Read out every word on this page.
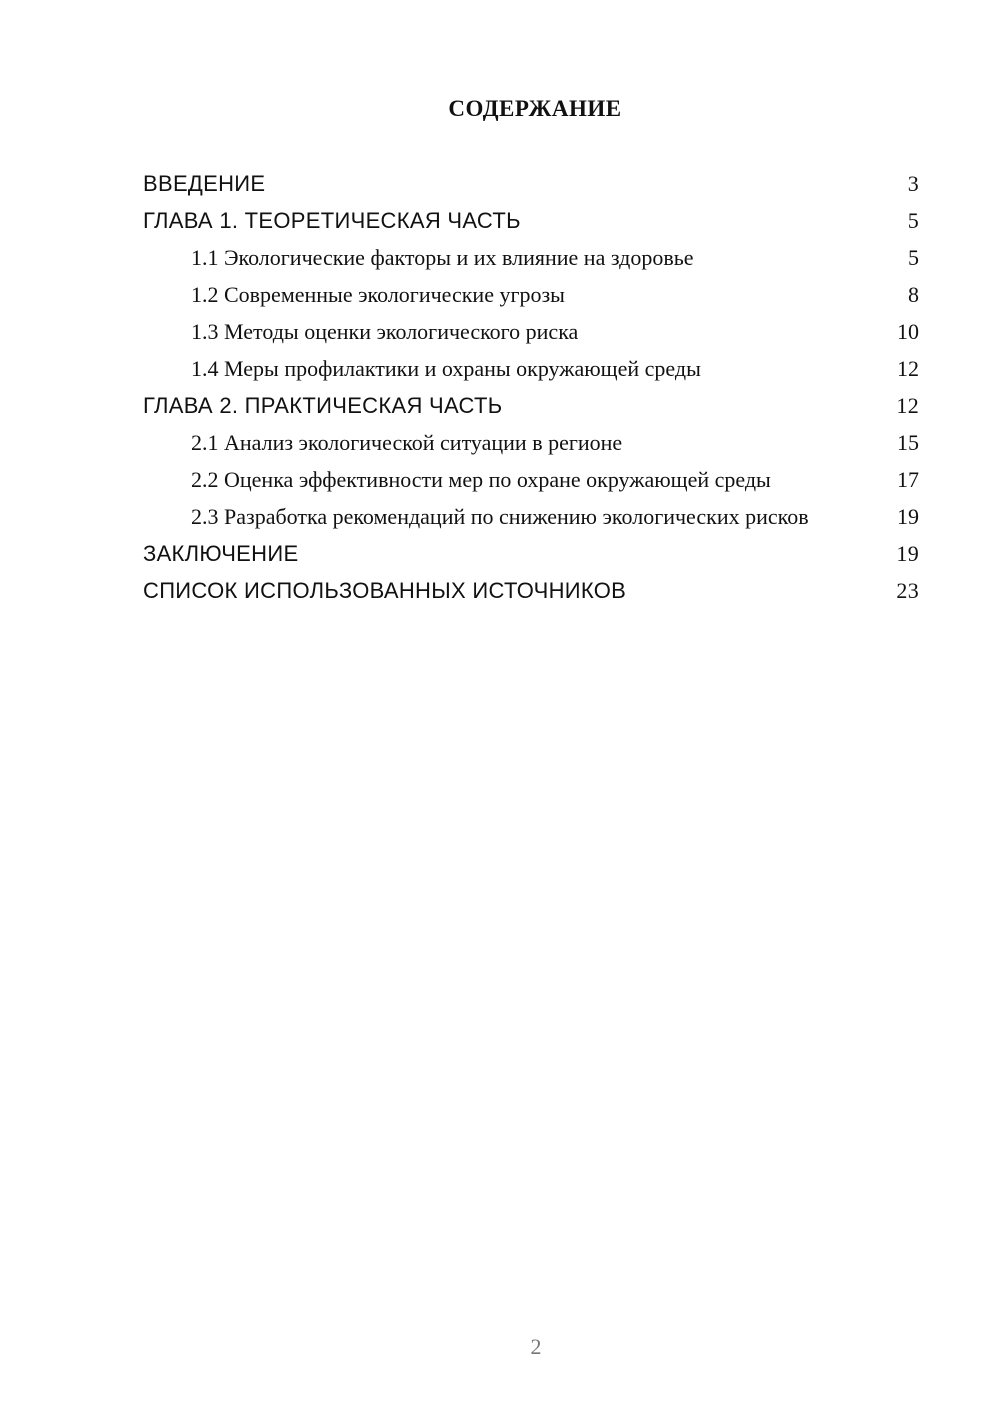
СОДЕРЖАНИЕ
ВВЕДЕНИЕ	3
ГЛАВА 1. ТЕОРЕТИЧЕСКАЯ ЧАСТЬ	5
1.1 Экологические факторы и их влияние на здоровье	5
1.2 Современные экологические угрозы	8
1.3 Методы оценки экологического риска	10
1.4 Меры профилактики и охраны окружающей среды	12
ГЛАВА 2. ПРАКТИЧЕСКАЯ ЧАСТЬ	12
2.1 Анализ экологической ситуации в регионе	15
2.2 Оценка эффективности мер по охране окружающей среды	17
2.3 Разработка рекомендаций по снижению экологических рисков	19
ЗАКЛЮЧЕНИЕ	19
СПИСОК ИСПОЛЬЗОВАННЫХ ИСТОЧНИКОВ	23
2
